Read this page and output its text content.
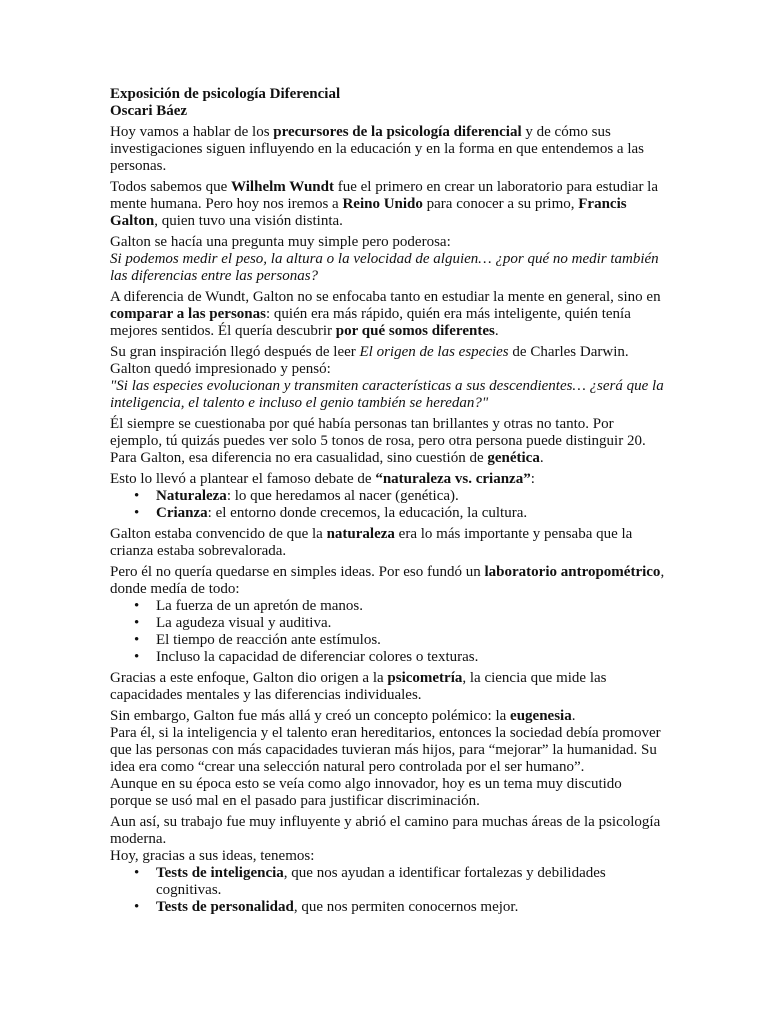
Exposición de psicología Diferencial
Oscari Báez

Hoy vamos a hablar de los precursores de la psicología diferencial y de cómo sus investigaciones siguen influyendo en la educación y en la forma en que entendemos a las personas.

Todos sabemos que Wilhelm Wundt fue el primero en crear un laboratorio para estudiar la mente humana. Pero hoy nos iremos a Reino Unido para conocer a su primo, Francis Galton, quien tuvo una visión distinta.

Galton se hacía una pregunta muy simple pero poderosa:
Si podemos medir el peso, la altura o la velocidad de alguien… ¿por qué no medir también las diferencias entre las personas?

A diferencia de Wundt, Galton no se enfocaba tanto en estudiar la mente en general, sino en comparar a las personas: quién era más rápido, quién era más inteligente, quién tenía mejores sentidos. Él quería descubrir por qué somos diferentes.

Su gran inspiración llegó después de leer El origen de las especies de Charles Darwin.
Galton quedó impresionado y pensó:
"Si las especies evolucionan y transmiten características a sus descendientes… ¿será que la inteligencia, el talento e incluso el genio también se heredan?"

Él siempre se cuestionaba por qué había personas tan brillantes y otras no tanto. Por ejemplo, tú quizás puedes ver solo 5 tonos de rosa, pero otra persona puede distinguir 20. Para Galton, esa diferencia no era casualidad, sino cuestión de genética.

Esto lo llevó a plantear el famoso debate de “naturaleza vs. crianza”:

• Naturaleza: lo que heredamos al nacer (genética).
• Crianza: el entorno donde crecemos, la educación, la cultura.

Galton estaba convencido de que la naturaleza era lo más importante y pensaba que la crianza estaba sobrevalorada.

Pero él no quería quedarse en simples ideas. Por eso fundó un laboratorio antropométrico, donde medía de todo:

• La fuerza de un apretón de manos.
• La agudeza visual y auditiva.
• El tiempo de reacción ante estímulos.
• Incluso la capacidad de diferenciar colores o texturas.

Gracias a este enfoque, Galton dio origen a la psicometría, la ciencia que mide las capacidades mentales y las diferencias individuales.

Sin embargo, Galton fue más allá y creó un concepto polémico: la eugenesia.
Para él, si la inteligencia y el talento eran hereditarios, entonces la sociedad debía promover que las personas con más capacidades tuvieran más hijos, para “mejorar” la humanidad. Su idea era como “crear una selección natural pero controlada por el ser humano”.
Aunque en su época esto se veía como algo innovador, hoy es un tema muy discutido porque se usó mal en el pasado para justificar discriminación.
Aun así, su trabajo fue muy influyente y abrió el camino para muchas áreas de la psicología moderna.
Hoy, gracias a sus ideas, tenemos:
• Tests de inteligencia, que nos ayudan a identificar fortalezas y debilidades cognitivas.
• Tests de personalidad, que nos permiten conocernos mejor.
